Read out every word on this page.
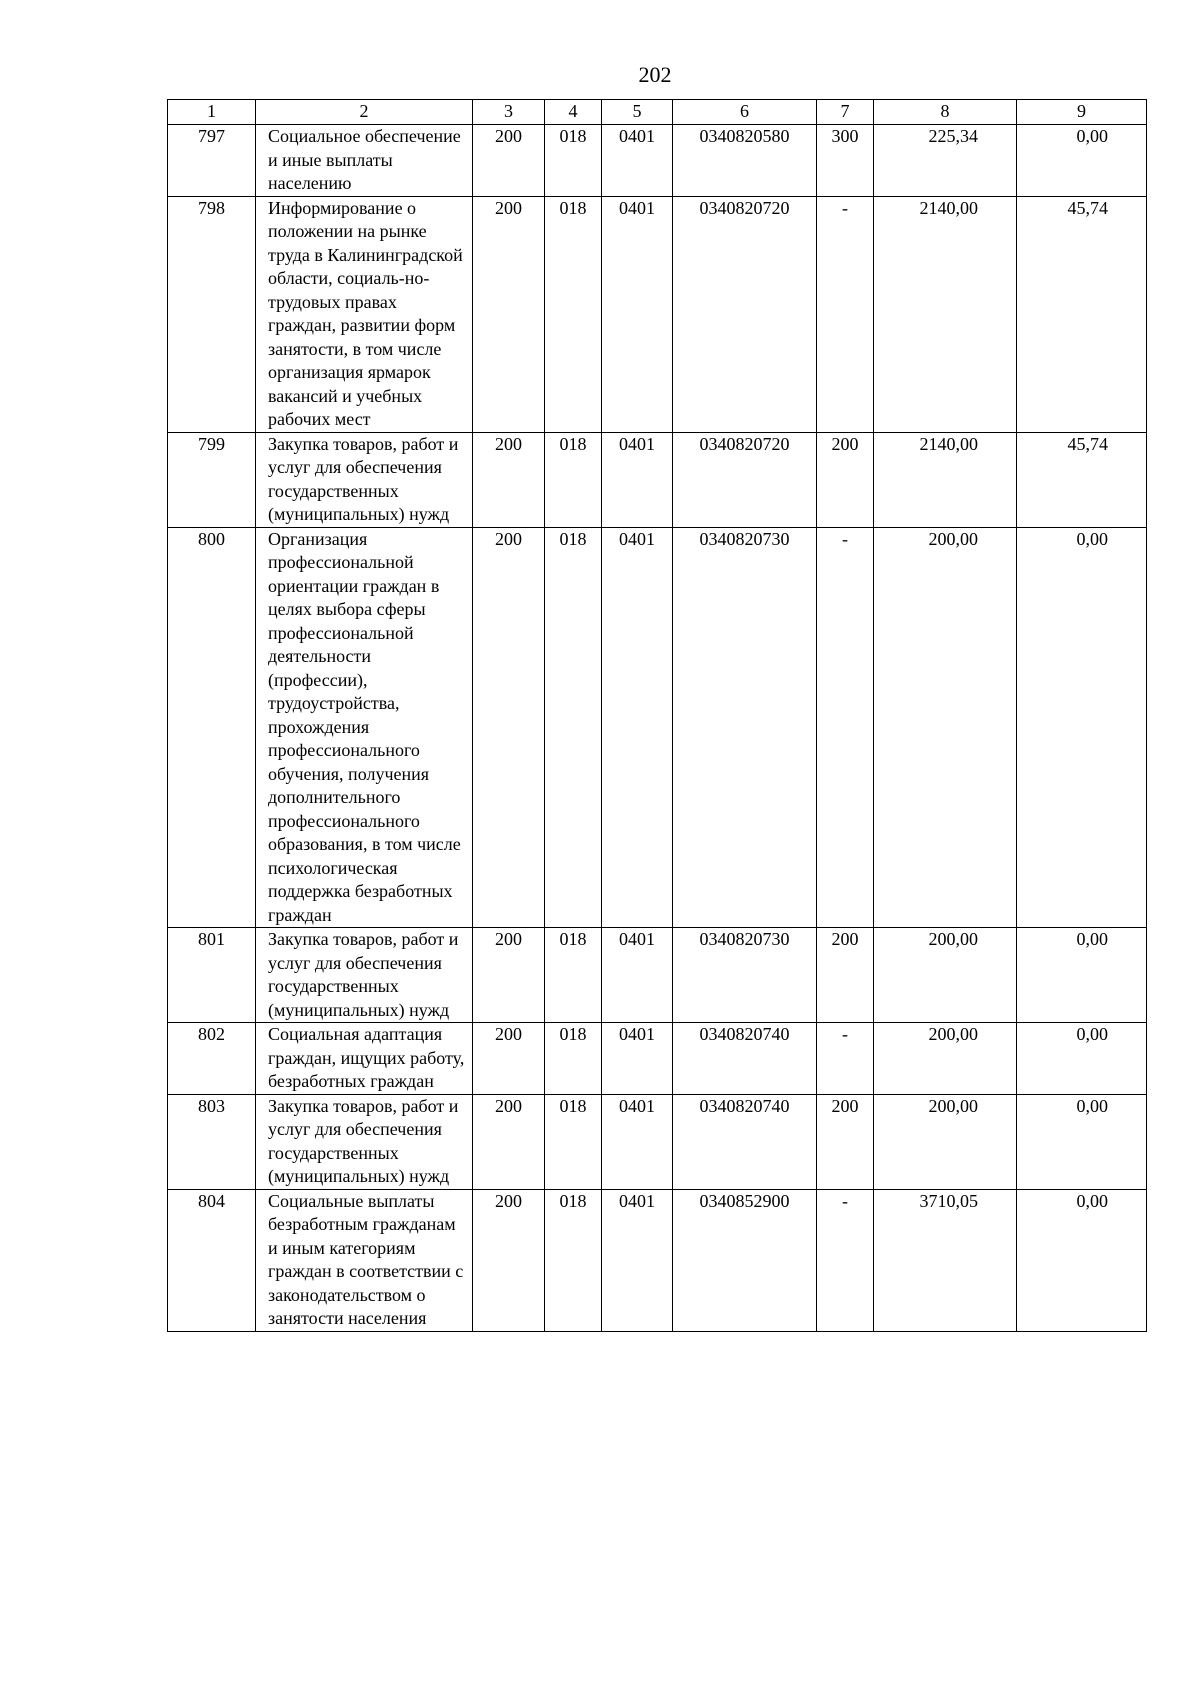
202
1	2	3	4	5	6	7	8	9
797	Социальное обеспечение и иные выплаты населению	200	018	0401	0340820580	300	225,34	0,00
798	Информирование о положении на рынке труда в Калининградской области, социаль-но-трудовых правах граждан, развитии форм занятости, в том числе организация ярмарок вакансий и учебных рабочих мест	200	018	0401	0340820720	-	2140,00	45,74
799	Закупка товаров, работ и услуг для обеспечения государственных (муниципальных) нужд	200	018	0401	0340820720	200	2140,00	45,74
800	Организация профессиональной ориентации граждан в целях выбора сферы профессиональной деятельности (профессии), трудоустройства, прохождения профессионального обучения, получения дополнительного профессионального образования, в том числе психологическая поддержка безработных граждан	200	018	0401	0340820730	-	200,00	0,00
801	Закупка товаров, работ и услуг для обеспечения государственных (муниципальных) нужд	200	018	0401	0340820730	200	200,00	0,00
802	Социальная адаптация граждан, ищущих работу, безработных граждан	200	018	0401	0340820740	-	200,00	0,00
803	Закупка товаров, работ и услуг для обеспечения государственных (муниципальных) нужд	200	018	0401	0340820740	200	200,00	0,00
804	Социальные выплаты безработным гражданам и иным категориям граждан в соответствии с законодательством о занятости населения	200	018	0401	0340852900	-	3710,05	0,00
